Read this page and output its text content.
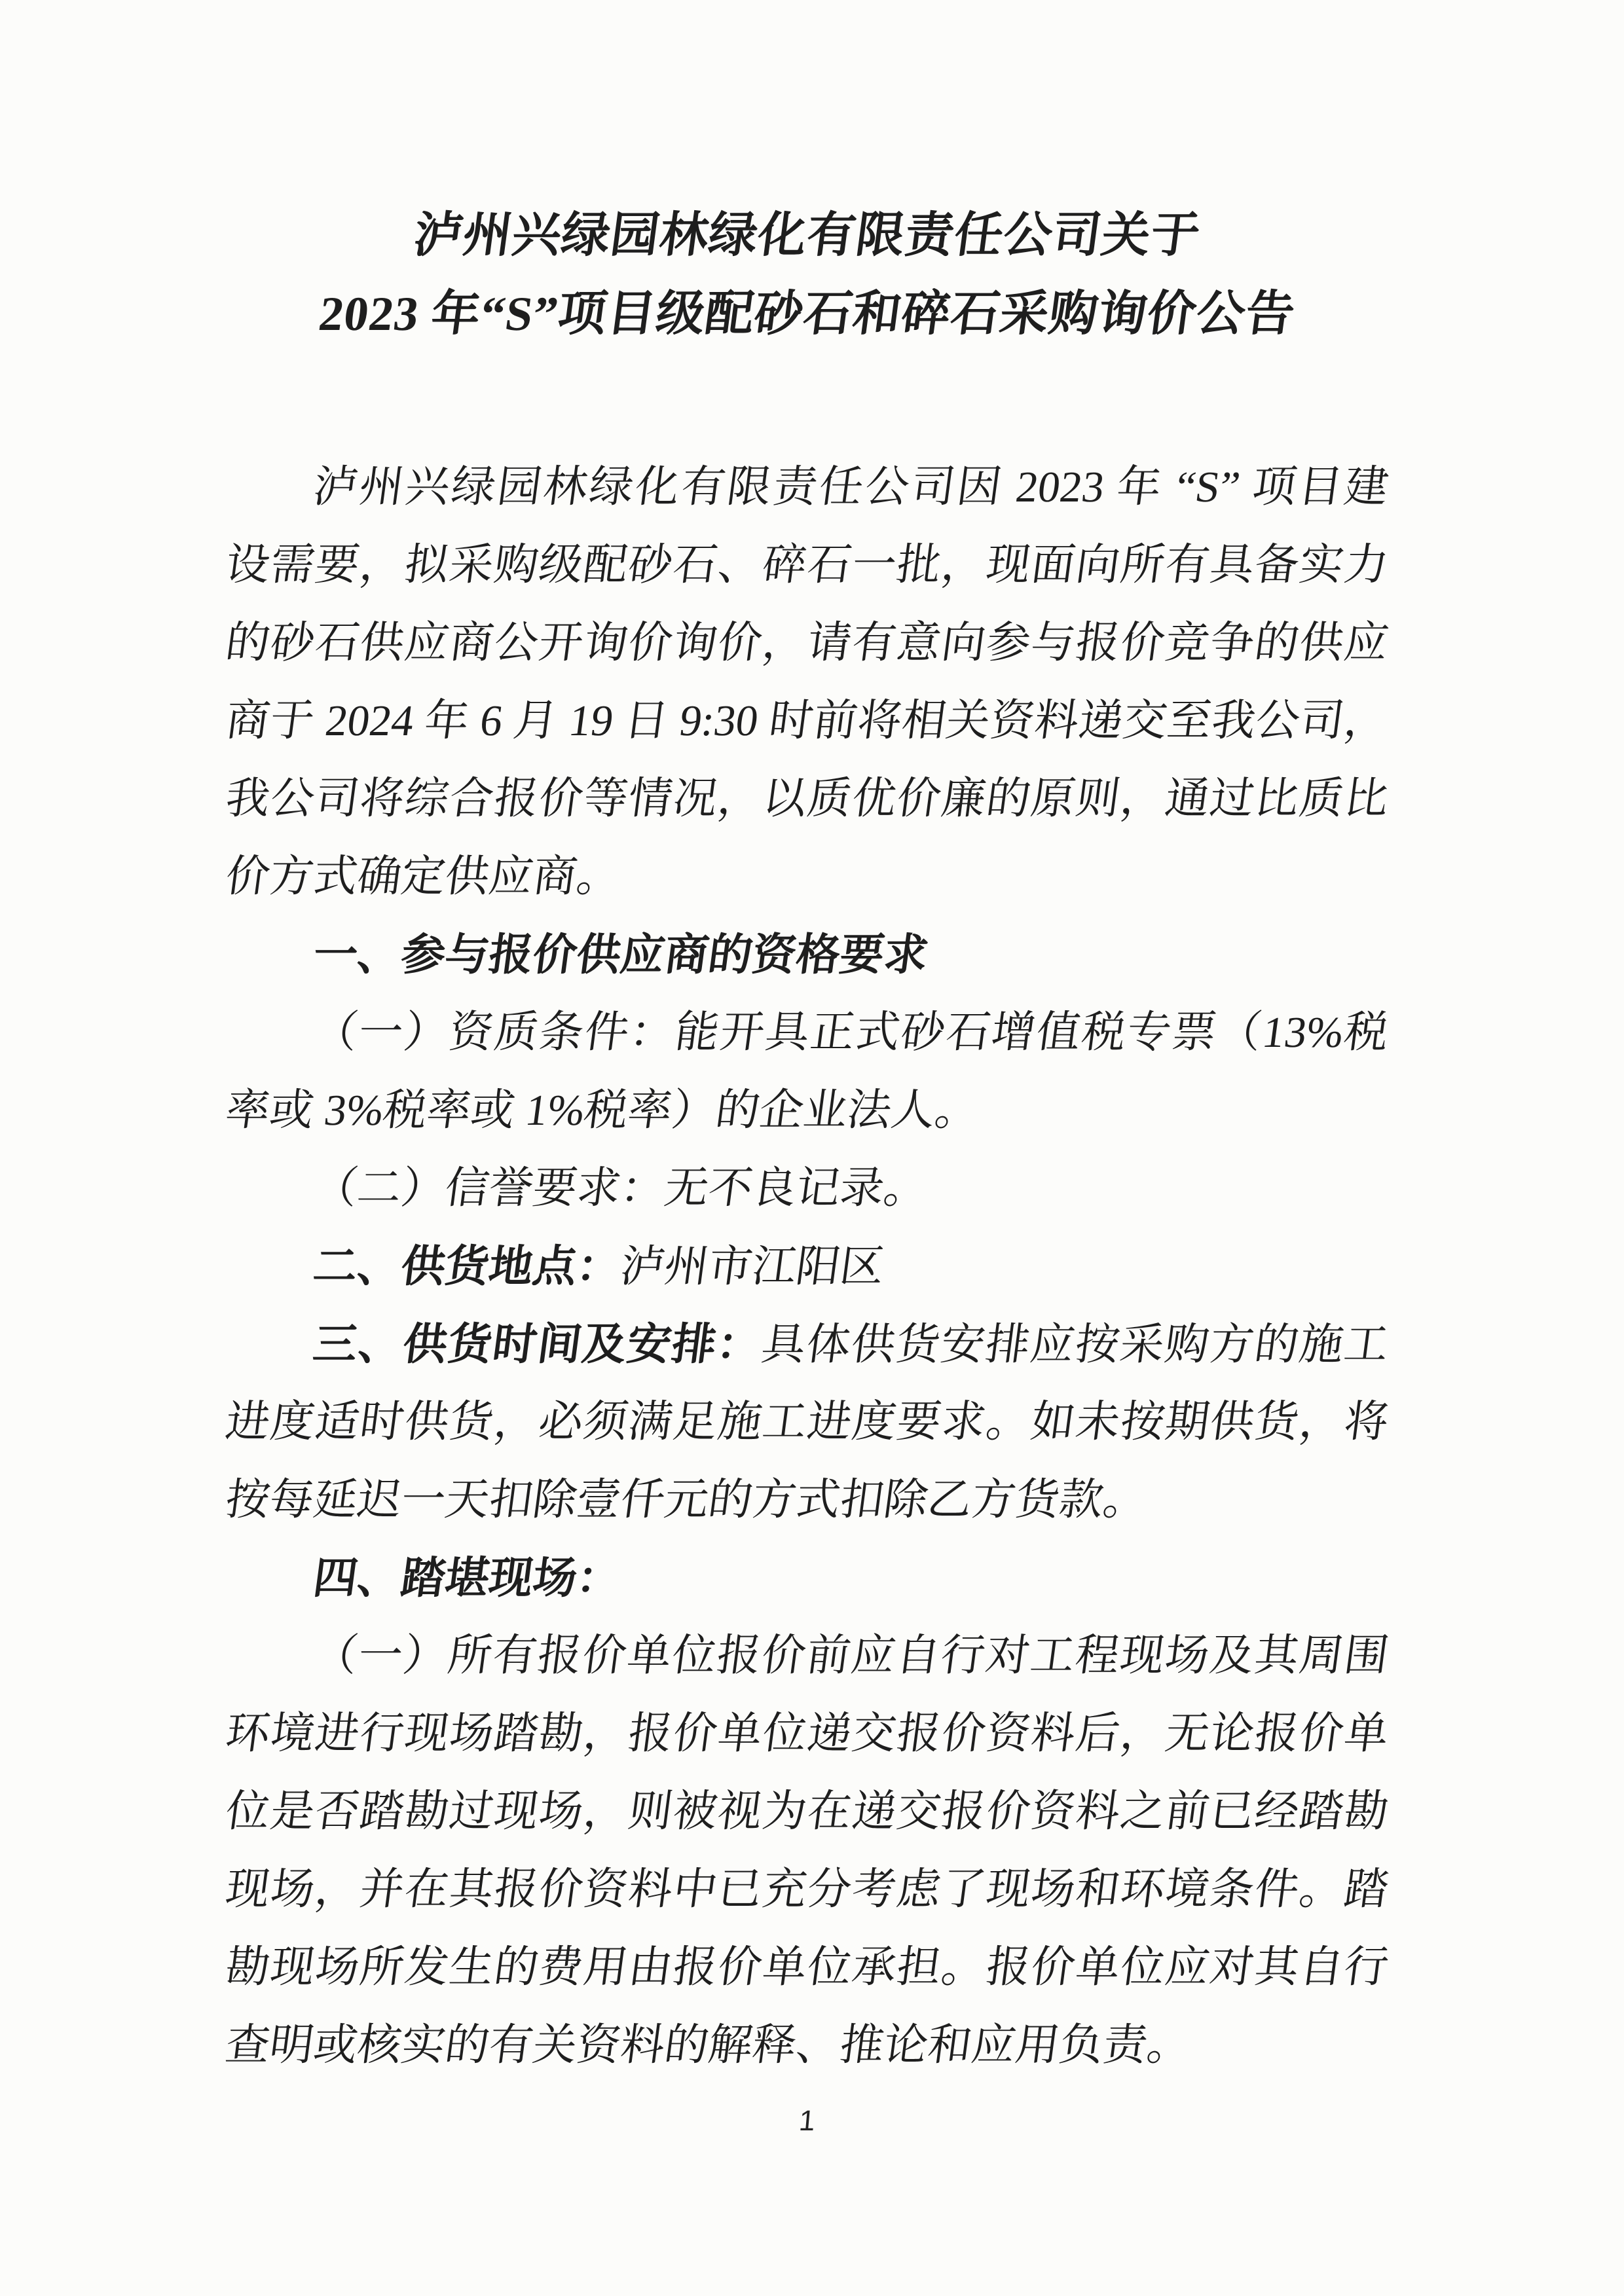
泸州兴绿园林绿化有限责任公司关于
2023 年“S”项目级配砂石和碎石采购询价公告
泸州兴绿园林绿化有限责任公司因 2023 年 “S” 项目建
设需要，拟采购级配砂石、碎石一批，现面向所有具备实力
的砂石供应商公开询价询价，请有意向参与报价竞争的供应
商于 2024 年 6 月 19 日 9:30 时前将相关资料递交至我公司，
我公司将综合报价等情况，以质优价廉的原则，通过比质比
价方式确定供应商。
一、参与报价供应商的资格要求
（一）资质条件：能开具正式砂石增值税专票（13%税
率或 3%税率或 1%税率）的企业法人。
（二）信誉要求：无不良记录。
二、供货地点：泸州市江阳区
三、供货时间及安排：具体供货安排应按采购方的施工
进度适时供货，必须满足施工进度要求。如未按期供货，将
按每延迟一天扣除壹仟元的方式扣除乙方货款。
四、踏堪现场：
（一）所有报价单位报价前应自行对工程现场及其周围
环境进行现场踏勘，报价单位递交报价资料后，无论报价单
位是否踏勘过现场，则被视为在递交报价资料之前已经踏勘
现场，并在其报价资料中已充分考虑了现场和环境条件。踏
勘现场所发生的费用由报价单位承担。报价单位应对其自行
查明或核实的有关资料的解释、推论和应用负责。
1
